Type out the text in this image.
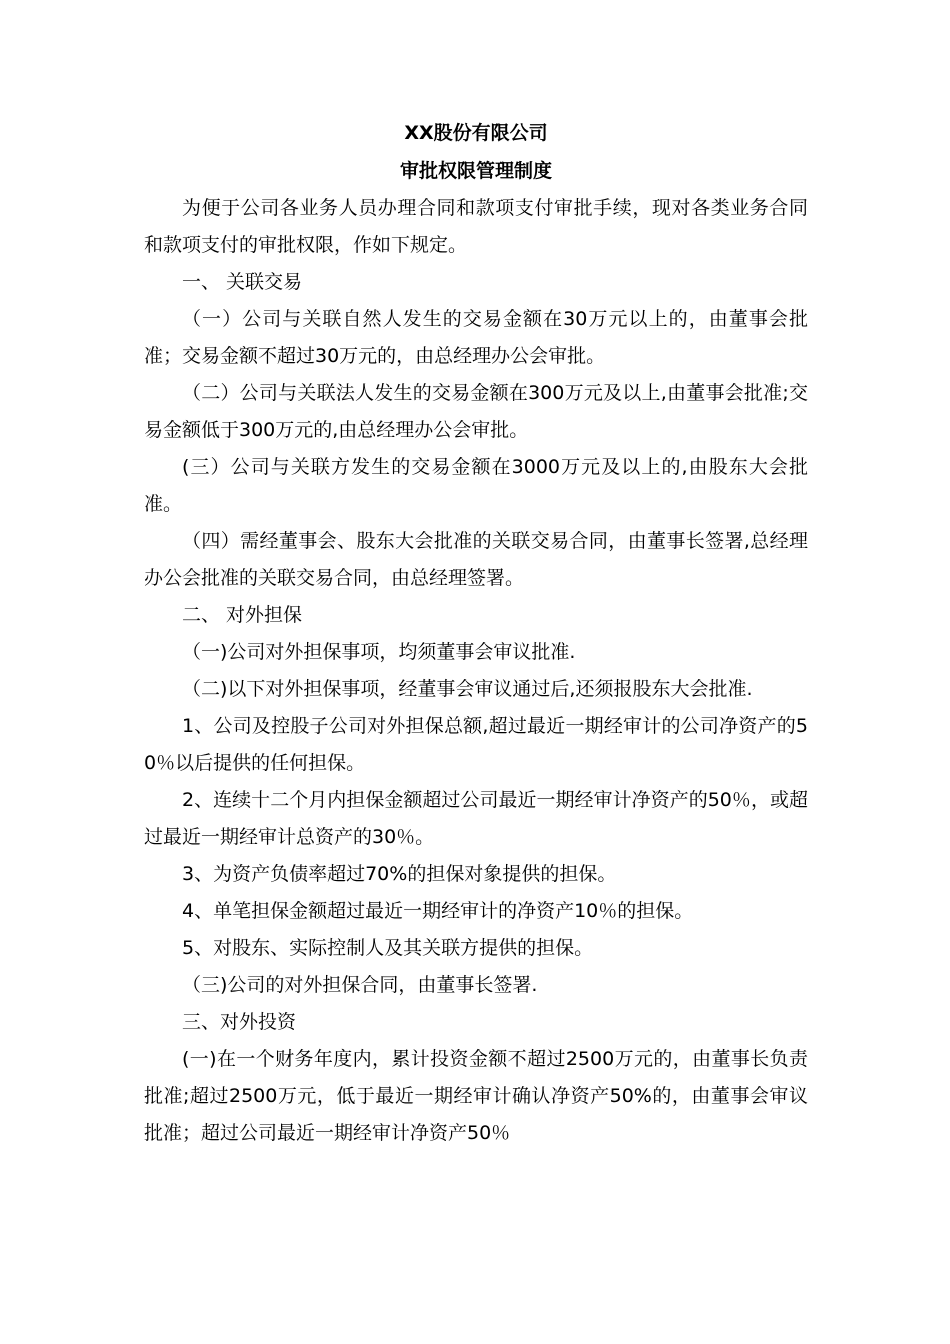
XX股份有限公司
审批权限管理制度

为便于公司各业务人员办理合同和款项支付审批手续，现对各类业务合同和款项支付的审批权限，作如下规定。

一、 关联交易

（一）公司与关联自然人发生的交易金额在30万元以上的，由董事会批准；交易金额不超过30万元的，由总经理办公会审批。

（二）公司与关联法人发生的交易金额在300万元及以上,由董事会批准;交易金额低于300万元的,由总经理办公会审批。

(三）公司与关联方发生的交易金额在3000万元及以上的,由股东大会批准。

（四）需经董事会、股东大会批准的关联交易合同，由董事长签署,总经理办公会批准的关联交易合同，由总经理签署。

二、 对外担保

（一)公司对外担保事项，均须董事会审议批准.

（二)以下对外担保事项，经董事会审议通过后,还须报股东大会批准.

1、公司及控股子公司对外担保总额,超过最近一期经审计的公司净资产的50％以后提供的任何担保。

2、连续十二个月内担保金额超过公司最近一期经审计净资产的50％，或超过最近一期经审计总资产的30％。

3、为资产负债率超过70%的担保对象提供的担保。

4、单笔担保金额超过最近一期经审计的净资产10％的担保。

5、对股东、实际控制人及其关联方提供的担保。

（三)公司的对外担保合同，由董事长签署.

三、对外投资

(一)在一个财务年度内，累计投资金额不超过2500万元的，由董事长负责批准;超过2500万元，低于最近一期经审计确认净资产50%的，由董事会审议批准；超过公司最近一期经审计净资产50％
